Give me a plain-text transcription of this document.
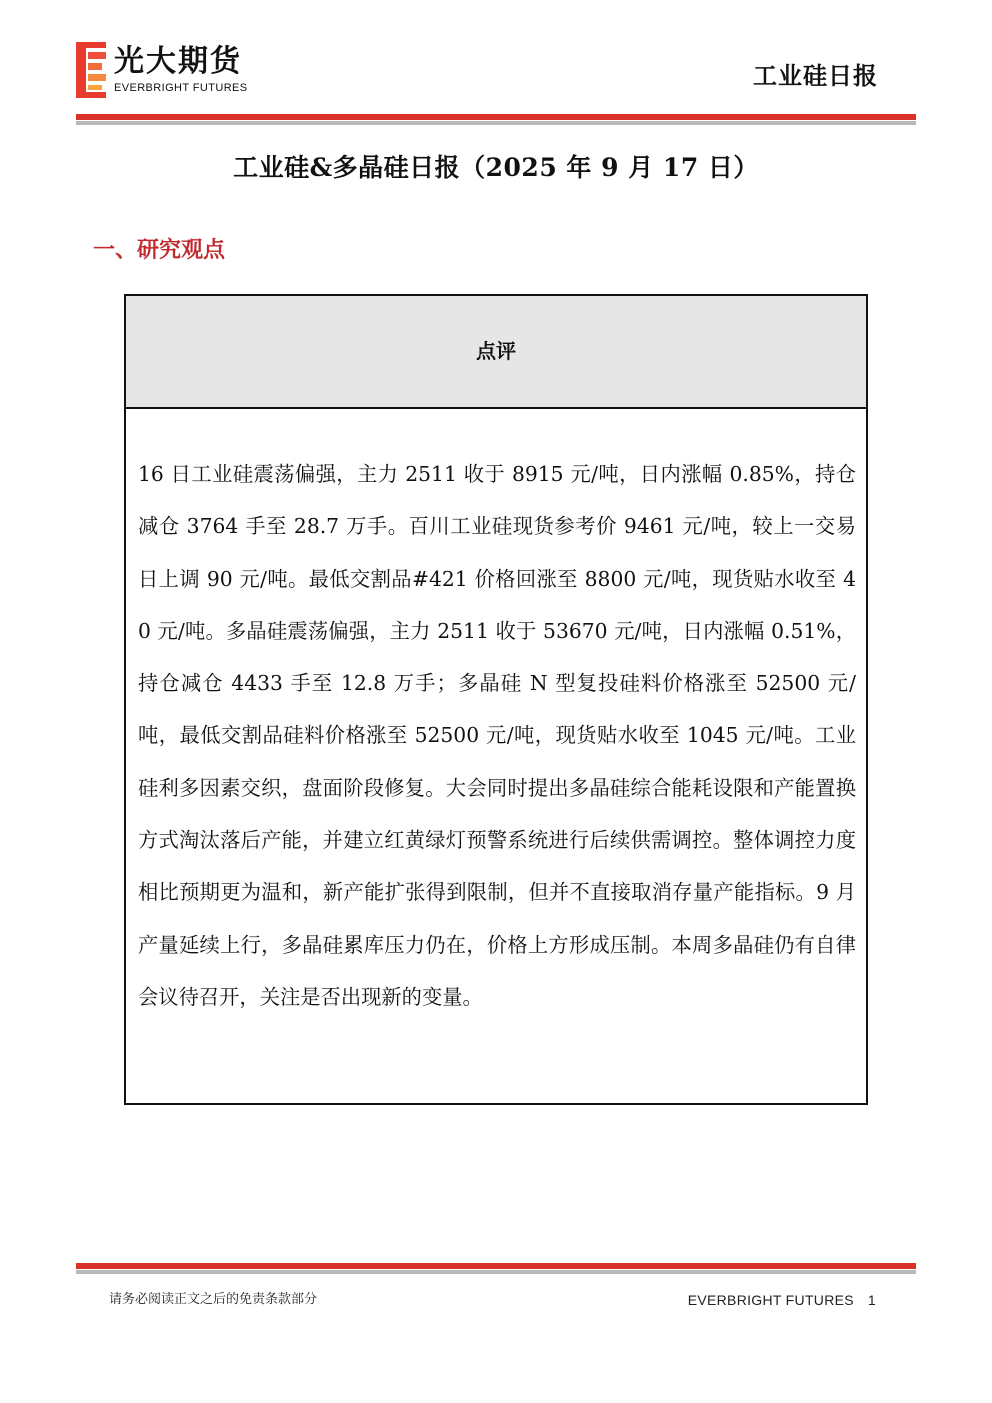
光大期货
EVERBRIGHT FUTURES	工业硅日报
工业硅&多晶硅日报（2025 年 9 月 17 日）
一、研究观点
点评
16 日工业硅震荡偏强，主力 2511 收于 8915 元/吨，日内涨幅 0.85%，持仓减仓 3764 手至 28.7 万手。百川工业硅现货参考价 9461 元/吨，较上一交易日上调 90 元/吨。最低交割品#421 价格回涨至 8800 元/吨，现货贴水收至 40 元/吨。多晶硅震荡偏强，主力 2511 收于 53670 元/吨，日内涨幅 0.51%，持仓减仓 4433 手至 12.8 万手；多晶硅 N 型复投硅料价格涨至 52500 元/吨，最低交割品硅料价格涨至 52500 元/吨，现货贴水收至 1045 元/吨。工业硅利多因素交织，盘面阶段修复。大会同时提出多晶硅综合能耗设限和产能置换方式淘汰落后产能，并建立红黄绿灯预警系统进行后续供需调控。整体调控力度相比预期更为温和，新产能扩张得到限制，但并不直接取消存量产能指标。9 月产量延续上行，多晶硅累库压力仍在，价格上方形成压制。本周多晶硅仍有自律会议待召开，关注是否出现新的变量。
请务必阅读正文之后的免责条款部分	EVERBRIGHT FUTURES 1
